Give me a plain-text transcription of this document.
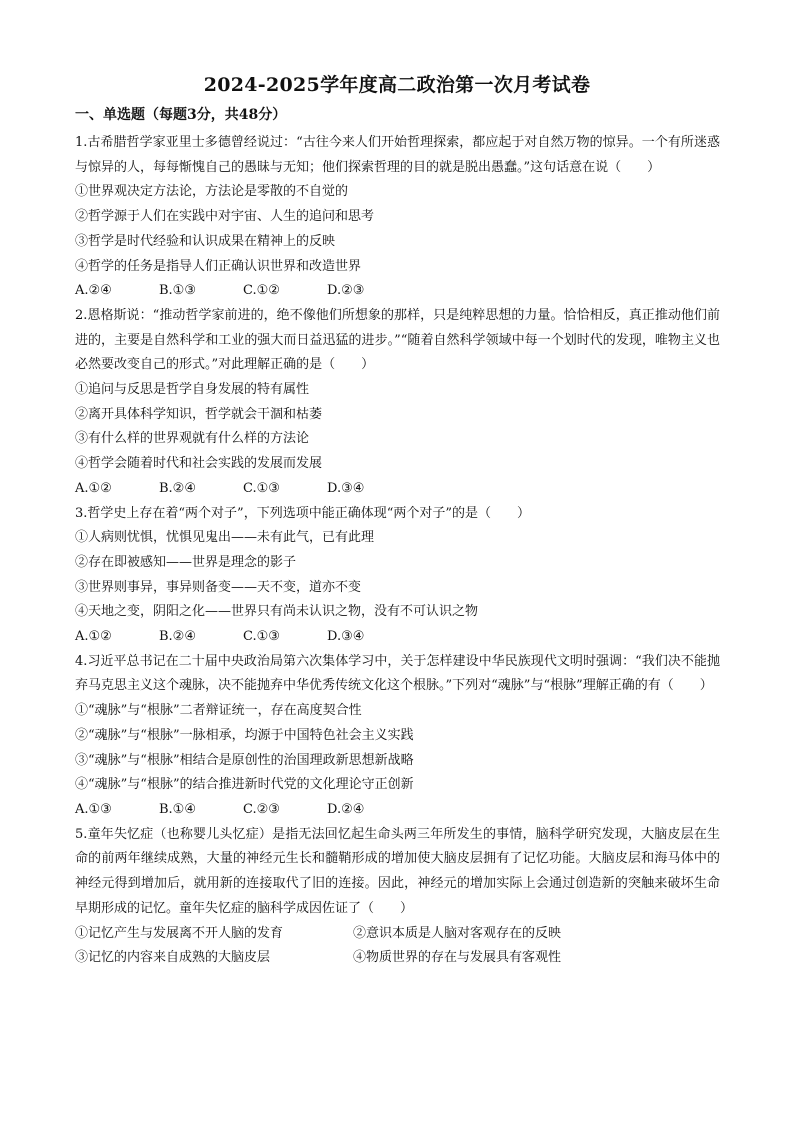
2024-2025学年度高二政治第一次月考试卷
一、单选题（每题3分，共48分）
1.古希腊哲学家亚里士多德曾经说过：“古往今来人们开始哲理探索，都应起于对自然万物的惊异。一个有所迷惑与惊异的人，每每惭愧自己的愚昧与无知；他们探索哲理的目的就是脱出愚蠢。”这句话意在说（　　）
①世界观决定方法论，方法论是零散的不自觉的
②哲学源于人们在实践中对宇宙、人生的追问和思考
③哲学是时代经验和认识成果在精神上的反映
④哲学的任务是指导人们正确认识世界和改造世界
A.②④	B.①③	C.①②	D.②③
2.恩格斯说：“推动哲学家前进的，绝不像他们所想象的那样，只是纯粹思想的力量。恰恰相反，真正推动他们前进的，主要是自然科学和工业的强大而日益迅猛的进步。”“随着自然科学领域中每一个划时代的发现，唯物主义也必然要改变自己的形式。”对此理解正确的是（　　）
①追问与反思是哲学自身发展的特有属性
②离开具体科学知识，哲学就会干涸和枯萎
③有什么样的世界观就有什么样的方法论
④哲学会随着时代和社会实践的发展而发展
A.①②	B.②④	C.①③	D.③④
3.哲学史上存在着“两个对子”，下列选项中能正确体现“两个对子”的是（　　）
①人病则忧惧，忧惧见鬼出——未有此气，已有此理
②存在即被感知——世界是理念的影子
③世界则事异，事异则备变——天不变，道亦不变
④天地之变，阴阳之化——世界只有尚未认识之物，没有不可认识之物
A.①②	B.②④	C.①③	D.③④
4.习近平总书记在二十届中央政治局第六次集体学习中，关于怎样建设中华民族现代文明时强调：“我们决不能抛弃马克思主义这个魂脉，决不能抛弃中华优秀传统文化这个根脉。”下列对“魂脉”与“根脉”理解正确的有（　　）
①“魂脉”与“根脉”二者辩证统一，存在高度契合性
②“魂脉”与“根脉”一脉相承，均源于中国特色社会主义实践
③“魂脉”与“根脉”相结合是原创性的治国理政新思想新战略
④“魂脉”与“根脉”的结合推进新时代党的文化理论守正创新
A.①③	B.①④	C.②③	D.②④
5.童年失忆症（也称婴儿头忆症）是指无法回忆起生命头两三年所发生的事情，脑科学研究发现，大脑皮层在生命的前两年继续成熟，大量的神经元生长和髓鞘形成的增加使大脑皮层拥有了记忆功能。大脑皮层和海马体中的神经元得到增加后，就用新的连接取代了旧的连接。因此，神经元的增加实际上会通过创造新的突触来破坏生命早期形成的记忆。童年失忆症的脑科学成因佐证了（　　）
①记忆产生与发展离不开人脑的发育	②意识本质是人脑对客观存在的反映
③记忆的内容来自成熟的大脑皮层	④物质世界的存在与发展具有客观性
